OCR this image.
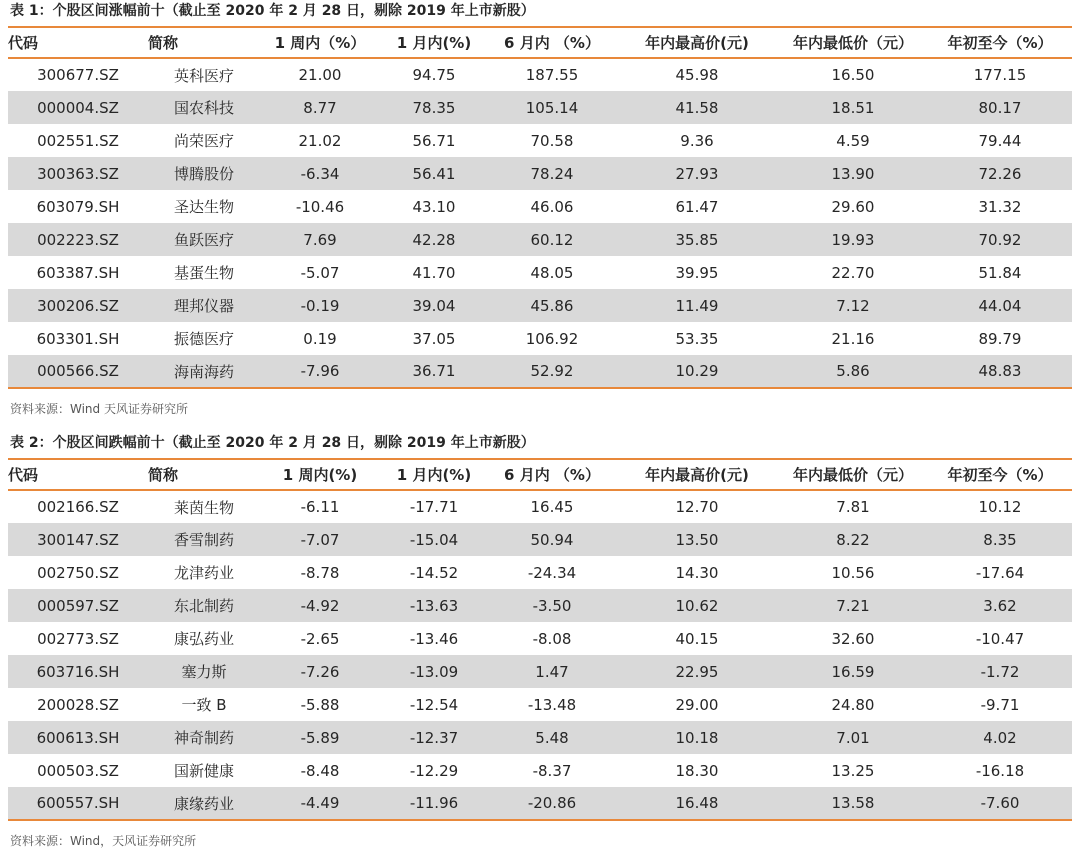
表 1：个股区间涨幅前十（截止至 2020 年 2 月 28 日，剔除 2019 年上市新股）
代码	简称	1 周内（%）	1 月内(%)	6 月内 （%）	年内最高价(元)	年内最低价（元）	年初至今（%）
300677.SZ	英科医疗	21.00	94.75	187.55	45.98	16.50	177.15
000004.SZ	国农科技	8.77	78.35	105.14	41.58	18.51	80.17
002551.SZ	尚荣医疗	21.02	56.71	70.58	9.36	4.59	79.44
300363.SZ	博腾股份	-6.34	56.41	78.24	27.93	13.90	72.26
603079.SH	圣达生物	-10.46	43.10	46.06	61.47	29.60	31.32
002223.SZ	鱼跃医疗	7.69	42.28	60.12	35.85	19.93	70.92
603387.SH	基蛋生物	-5.07	41.70	48.05	39.95	22.70	51.84
300206.SZ	理邦仪器	-0.19	39.04	45.86	11.49	7.12	44.04
603301.SH	振德医疗	0.19	37.05	106.92	53.35	21.16	89.79
000566.SZ	海南海药	-7.96	36.71	52.92	10.29	5.86	48.83
资料来源：Wind 天风证券研究所
表 2：个股区间跌幅前十（截止至 2020 年 2 月 28 日，剔除 2019 年上市新股）
代码	简称	1 周内(%)	1 月内(%)	6 月内 （%）	年内最高价(元)	年内最低价（元）	年初至今（%）
002166.SZ	莱茵生物	-6.11	-17.71	16.45	12.70	7.81	10.12
300147.SZ	香雪制药	-7.07	-15.04	50.94	13.50	8.22	8.35
002750.SZ	龙津药业	-8.78	-14.52	-24.34	14.30	10.56	-17.64
000597.SZ	东北制药	-4.92	-13.63	-3.50	10.62	7.21	3.62
002773.SZ	康弘药业	-2.65	-13.46	-8.08	40.15	32.60	-10.47
603716.SH	塞力斯	-7.26	-13.09	1.47	22.95	16.59	-1.72
200028.SZ	一致 B	-5.88	-12.54	-13.48	29.00	24.80	-9.71
600613.SH	神奇制药	-5.89	-12.37	5.48	10.18	7.01	4.02
000503.SZ	国新健康	-8.48	-12.29	-8.37	18.30	13.25	-16.18
600557.SH	康缘药业	-4.49	-11.96	-20.86	16.48	13.58	-7.60
资料来源：Wind，天风证券研究所
